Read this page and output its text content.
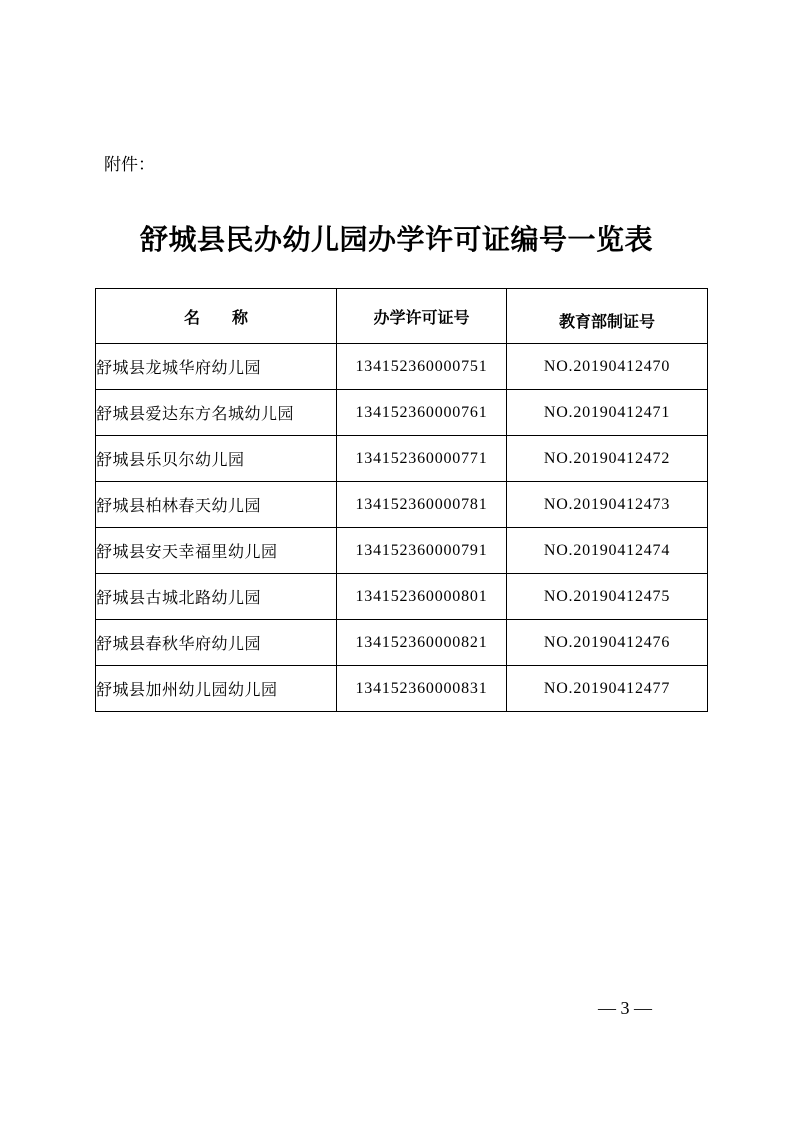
附件：
舒城县民办幼儿园办学许可证编号一览表
名　　称	办学许可证号	教育部制证号
舒城县龙城华府幼儿园	134152360000751	NO.20190412470
舒城县爱达东方名城幼儿园	134152360000761	NO.20190412471
舒城县乐贝尔幼儿园	134152360000771	NO.20190412472
舒城县柏林春天幼儿园	134152360000781	NO.20190412473
舒城县安天幸福里幼儿园	134152360000791	NO.20190412474
舒城县古城北路幼儿园	134152360000801	NO.20190412475
舒城县春秋华府幼儿园	134152360000821	NO.20190412476
舒城县加州幼儿园幼儿园	134152360000831	NO.20190412477
— 3 —
